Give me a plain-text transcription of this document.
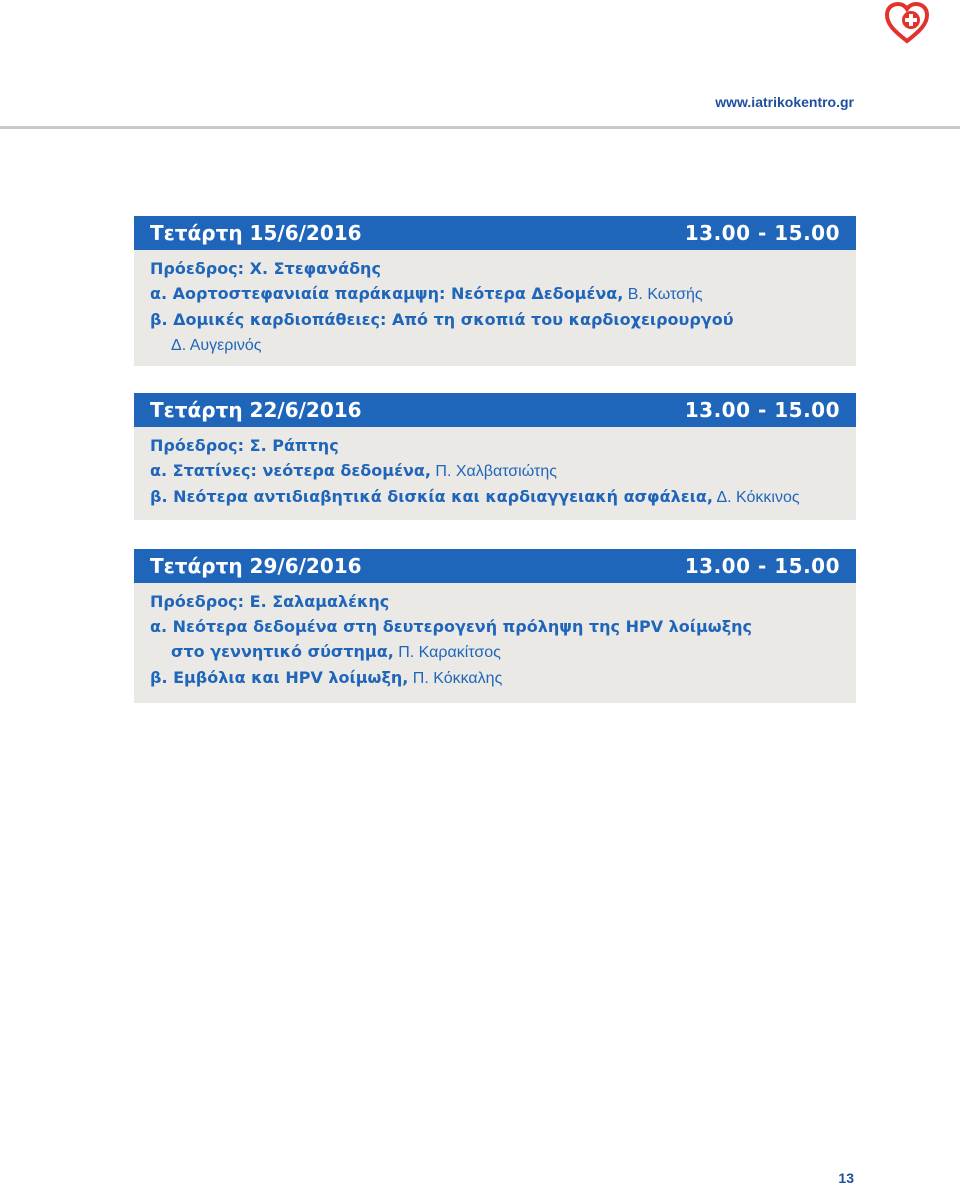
www.iatrikokentro.gr
Τετάρτη 15/6/2016	13.00 - 15.00
Πρόεδρος: Χ. Στεφανάδης
α. Αορτοστεφανιαία παράκαμψη: Νεότερα Δεδομένα, Β. Κωτσής
β. Δομικές καρδιοπάθειες: Από τη σκοπιά του καρδιοχειρουργού
Δ. Αυγερινός
Τετάρτη 22/6/2016	13.00 - 15.00
Πρόεδρος: Σ. Ράπτης
α. Στατίνες: νεότερα δεδομένα, Π. Χαλβατσιώτης
β. Νεότερα αντιδιαβητικά δισκία και καρδιαγγειακή ασφάλεια, Δ. Κόκκινος
Τετάρτη 29/6/2016	13.00 - 15.00
Πρόεδρος: Ε. Σαλαμαλέκης
α. Νεότερα δεδομένα στη δευτερογενή πρόληψη της HPV λοίμωξης
στο γεννητικό σύστημα, Π. Καρακίτσος
β. Εμβόλια και HPV λοίμωξη, Π. Κόκκαλης
13
